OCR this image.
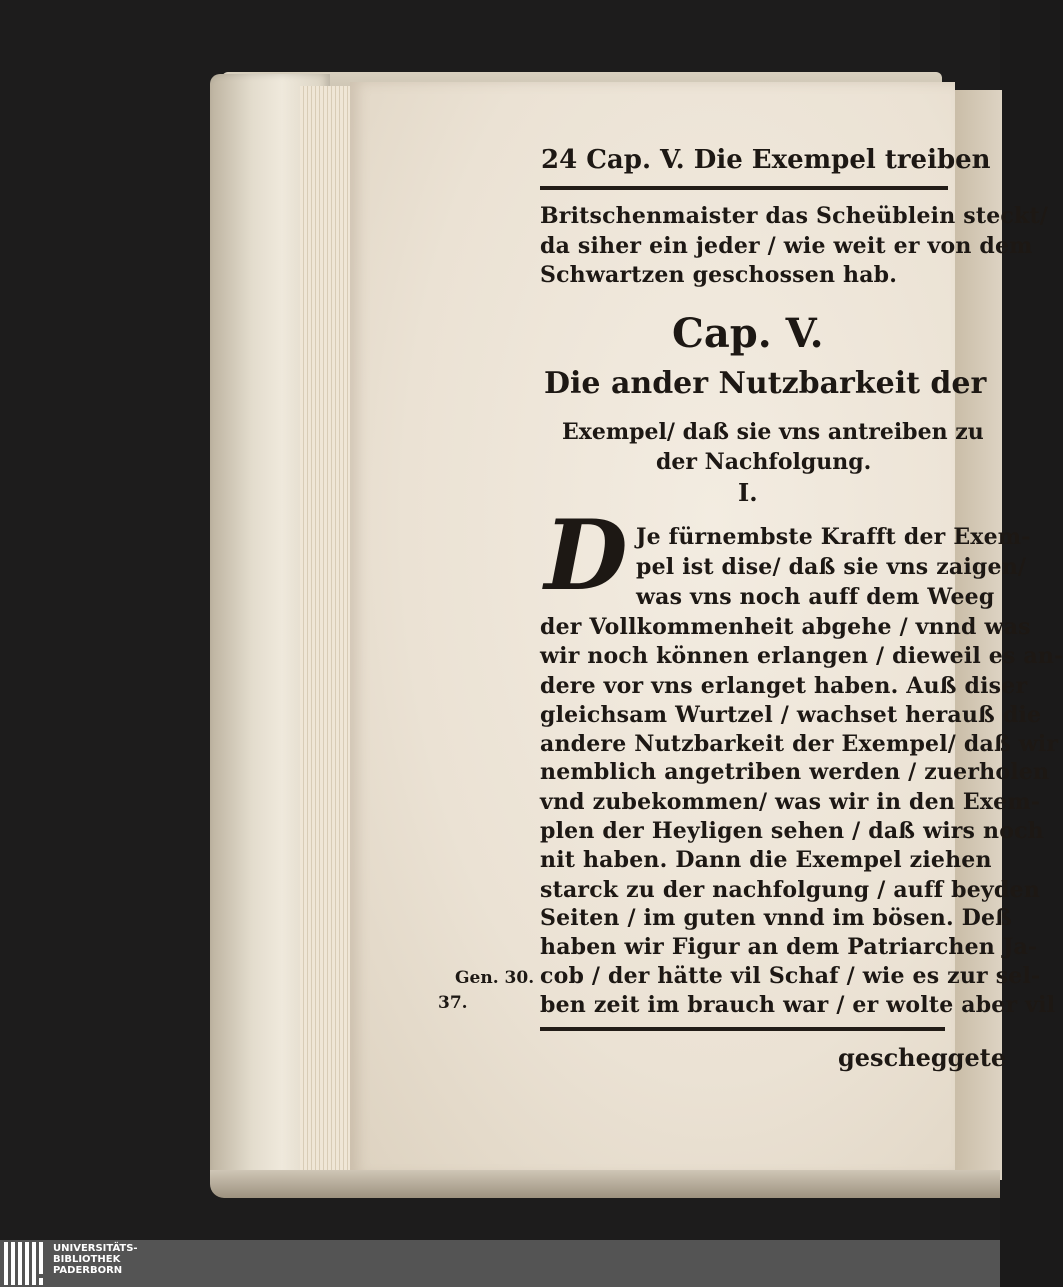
24 Cap. V. Die Exempel treiben
Britschenmaister das Scheüblein steckt/
da siher ein jeder / wie weit er von dem
Schwartzen geschossen hab.
Cap. V.
Die ander Nutzbarkeit der
Exempel/ daß sie vns antreiben zu
der Nachfolgung.
I.
D Je fürnembste Krafft der Exem-
pel ist dise/ daß sie vns zaigen/
was vns noch auff dem Weeg
der Vollkommenheit abgehe / vnnd was
wir noch können erlangen / dieweil es an-
dere vor vns erlanget haben. Auß diser
gleichsam Wurtzel / wachset herauß die
andere Nutzbarkeit der Exempel/ daß wir
nemblich angetriben werden / zuerholen
vnd zubekommen/ was wir in den Exem-
plen der Heyligen sehen / daß wirs noch
nit haben. Dann die Exempel ziehen
starck zu der nachfolgung / auff beyden
Seiten / im guten vnnd im bösen. Deß
haben wir Figur an dem Patriarchen Ja-
cob / der hätte vil Schaf / wie es zur sel-
ben zeit im brauch war / er wolte aber vil
Gen. 30.
37.
gescheggete
UNIVERSITÄTS-
BIBLIOTHEK
PADERBORN
